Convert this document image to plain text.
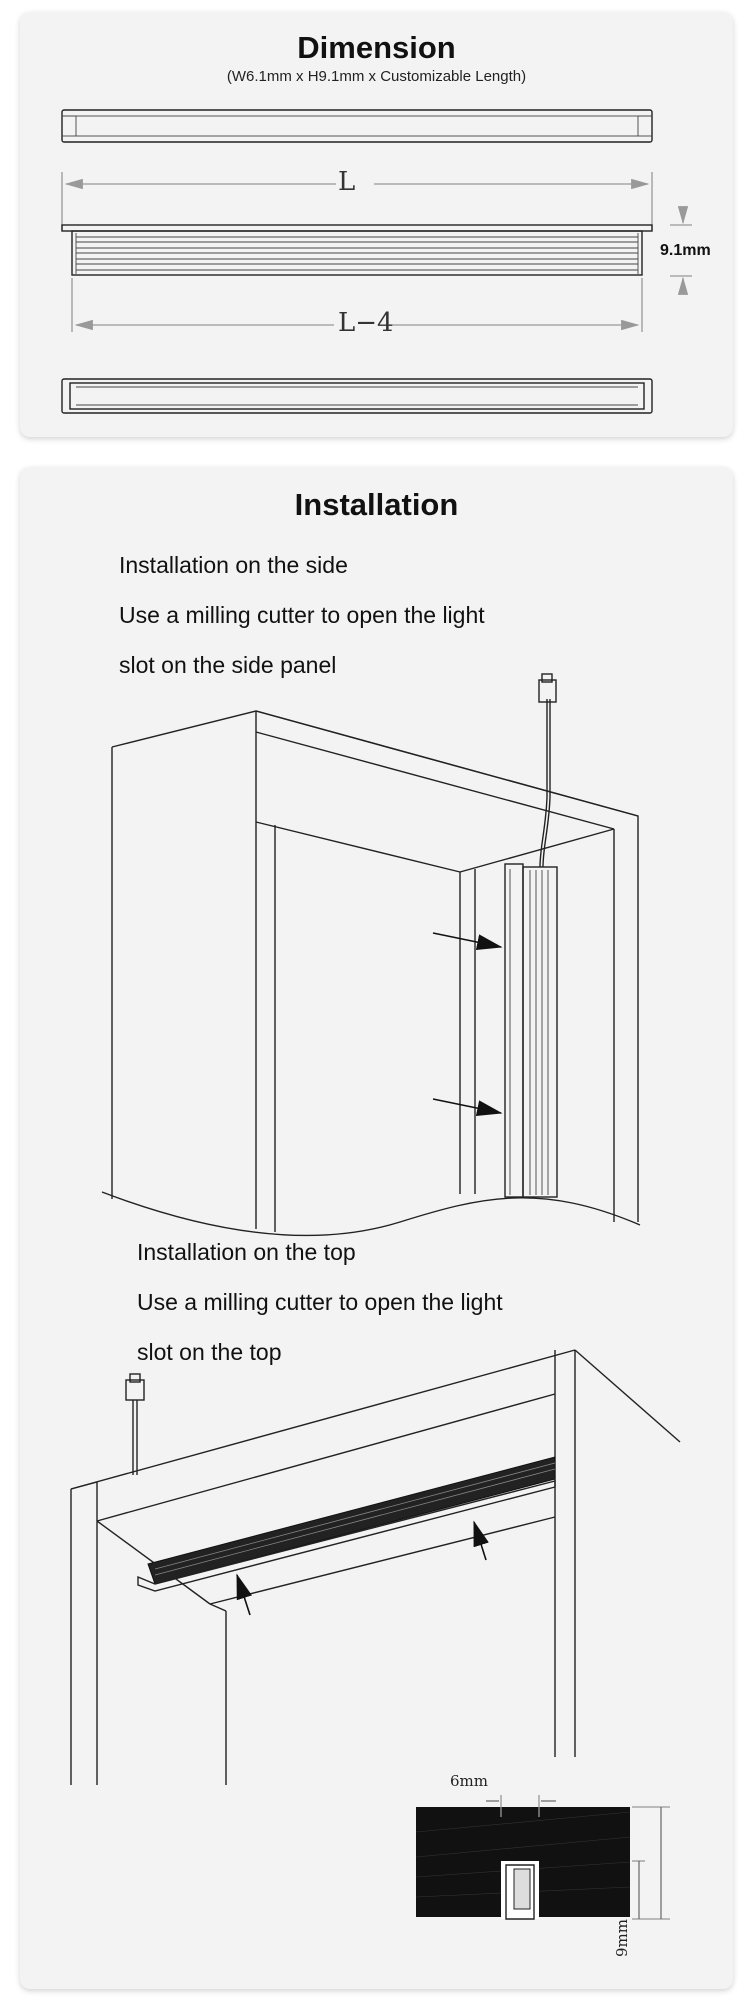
Dimension
(W6.1mm x H9.1mm x Customizable Length)
L
L−4
9.1mm
Installation
Installation on the side
Use a milling cutter to open the light
slot on the side panel
Installation on the top
Use a milling cutter to open the light
slot on the top
6mm
9mm
